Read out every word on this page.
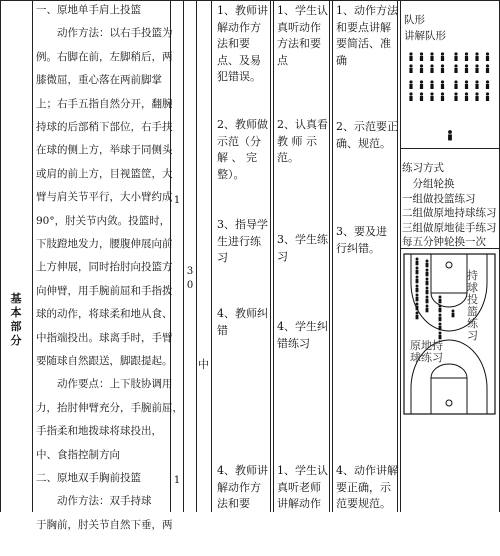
基本部分
一、原地单手肩上投篮
　　动作方法：以右手投篮为
例。右脚在前，左脚稍后，两
膝微屈，重心落在两前脚掌
上；右手五指自然分开，翻腕
持球的后部稍下部位，右手扶
在球的侧上方，举球于同侧头
或肩的前上方，目视篮筐，大
臂与肩关节平行，大小臂约成
90°，肘关节内敛。投篮时，
下肢蹬地发力，腰腹伸展向前
上方伸展，同时抬肘向投篮方
向伸臂，用手腕前屈和手指拨
球的动作，将球柔和地从食、
中指端投出。球离手时，手臂
要随球自然跟送，脚跟提起。
　　动作要点：上下肢协调用
力，抬肘伸臂充分，手腕前屈，
手指柔和地拨球将球投出，
中、食指控制方向
二、原地双手胸前投篮
　　动作方法：双手持球
于胸前，肘关节自然下垂，两

1
1
3
0
中
1、教师讲
解动作方
法和要
点、及易
犯错误。
2、教师做
示范（分
解 、 完
整）。
3、指导学
生进行练
习
4、教师纠
错
4、教师讲
解动作方
法和要
1、学生认
真听动作
方法和要
点
2、认真看
教 师 示
范。
3、学生练
习
4、学生纠
错练习
1、学生认
真听老师
讲解动作
1、动作方法
和要点讲解
要简活、准
确
2、示范要正
确、规范。
3、要及进
行纠错。
4、动作讲解
要正确，示
范要规范。
队形
讲解队形
练习方式
　分组轮换
一组做投篮练习
二组做原地持球练习
三组做原地徒手练习
每五分钟轮换一次
持球投篮练习
原地持球练习
